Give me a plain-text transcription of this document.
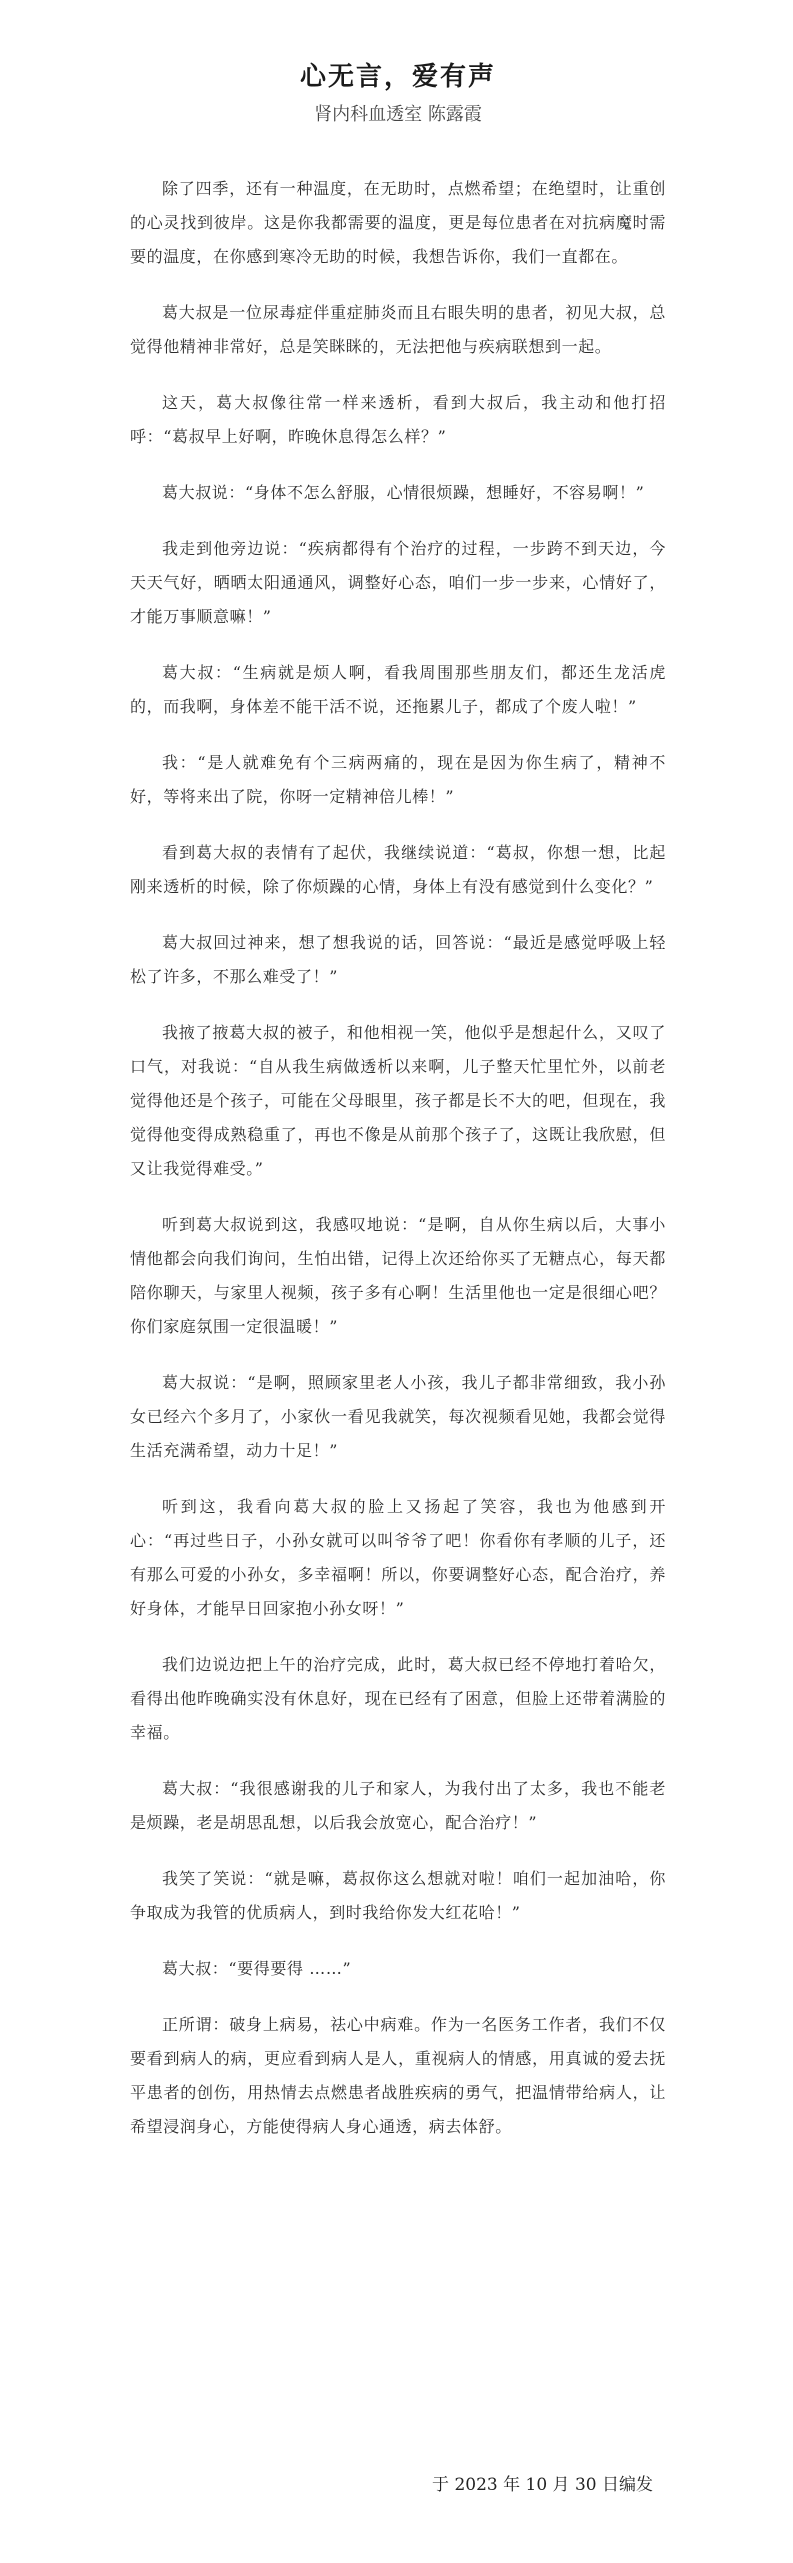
心无言，爱有声
肾内科血透室 陈露霞

除了四季，还有一种温度，在无助时，点燃希望；在绝望时，让重创的心灵找到彼岸。这是你我都需要的温度，更是每位患者在对抗病魔时需要的温度，在你感到寒冷无助的时候，我想告诉你，我们一直都在。

葛大叔是一位尿毒症伴重症肺炎而且右眼失明的患者，初见大叔，总觉得他精神非常好，总是笑眯眯的，无法把他与疾病联想到一起。

这天，葛大叔像往常一样来透析，看到大叔后，我主动和他打招呼：“葛叔早上好啊，昨晚休息得怎么样？”

葛大叔说：“身体不怎么舒服，心情很烦躁，想睡好，不容易啊！”

我走到他旁边说：“疾病都得有个治疗的过程，一步跨不到天边，今天天气好，晒晒太阳通通风，调整好心态，咱们一步一步来，心情好了，才能万事顺意嘛！”

葛大叔：“生病就是烦人啊，看我周围那些朋友们，都还生龙活虎的，而我啊，身体差不能干活不说，还拖累儿子，都成了个废人啦！”

我：“是人就难免有个三病两痛的，现在是因为你生病了，精神不好，等将来出了院，你呀一定精神倍儿棒！”

看到葛大叔的表情有了起伏，我继续说道：“葛叔，你想一想，比起刚来透析的时候，除了你烦躁的心情，身体上有没有感觉到什么变化？”

葛大叔回过神来，想了想我说的话，回答说：“最近是感觉呼吸上轻松了许多，不那么难受了！”

我掖了掖葛大叔的被子，和他相视一笑，他似乎是想起什么，又叹了口气，对我说：“自从我生病做透析以来啊，儿子整天忙里忙外，以前老觉得他还是个孩子，可能在父母眼里，孩子都是长不大的吧，但现在，我觉得他变得成熟稳重了，再也不像是从前那个孩子了，这既让我欣慰，但又让我觉得难受。”

听到葛大叔说到这，我感叹地说：“是啊，自从你生病以后，大事小情他都会向我们询问，生怕出错，记得上次还给你买了无糖点心，每天都陪你聊天，与家里人视频，孩子多有心啊！生活里他也一定是很细心吧？你们家庭氛围一定很温暖！”

葛大叔说：“是啊，照顾家里老人小孩，我儿子都非常细致，我小孙女已经六个多月了，小家伙一看见我就笑，每次视频看见她，我都会觉得生活充满希望，动力十足！”

听到这，我看向葛大叔的脸上又扬起了笑容，我也为他感到开心：“再过些日子，小孙女就可以叫爷爷了吧！你看你有孝顺的儿子，还有那么可爱的小孙女，多幸福啊！所以，你要调整好心态，配合治疗，养好身体，才能早日回家抱小孙女呀！”

我们边说边把上午的治疗完成，此时，葛大叔已经不停地打着哈欠，看得出他昨晚确实没有休息好，现在已经有了困意，但脸上还带着满脸的幸福。

葛大叔：“我很感谢我的儿子和家人，为我付出了太多，我也不能老是烦躁，老是胡思乱想，以后我会放宽心，配合治疗！”

我笑了笑说：“就是嘛，葛叔你这么想就对啦！咱们一起加油哈，你争取成为我管的优质病人，到时我给你发大红花哈！”

葛大叔：“要得要得 ……”

正所谓：破身上病易，祛心中病难。作为一名医务工作者，我们不仅要看到病人的病，更应看到病人是人，重视病人的情感，用真诚的爱去抚平患者的创伤，用热情去点燃患者战胜疾病的勇气，把温情带给病人，让希望浸润身心，方能使得病人身心通透，病去体舒。

于 2023 年 10 月 30 日编发
